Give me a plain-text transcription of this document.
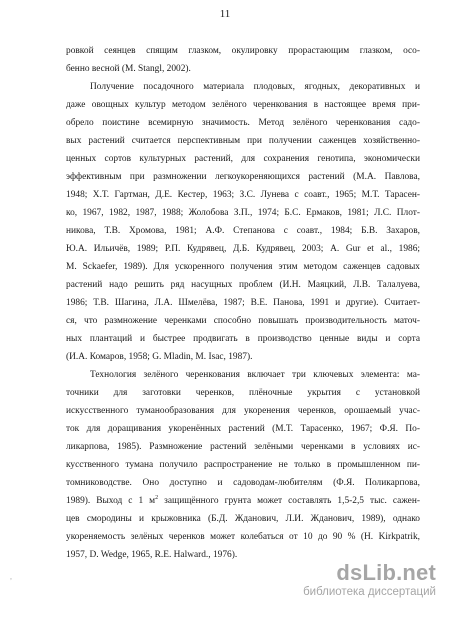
11
ровкой сеянцев спящим глазком, окулировку прорастающим глазком, осо-
бенно весной (M. Stangl, 2002).
Получение посадочного материала плодовых, ягодных, декоративных и
даже овощных культур методом зелёного черенкования в настоящее время при-
обрело поистине всемирную значимость. Метод зелёного черенкования садо-
вых растений считается перспективным при получении саженцев хозяйственно-
ценных сортов культурных растений, для сохранения генотипа, экономически
эффективным при размножении легкоукореняющихся растений (М.А. Павлова,
1948; Х.Т. Гартман, Д.Е. Кестер, 1963; З.С. Лунева с соавт., 1965; М.Т. Тарасен-
ко, 1967, 1982, 1987, 1988; Жолобова З.П., 1974; Б.С. Ермаков, 1981; Л.С. Плот-
никова, Т.В. Хромова, 1981; А.Ф. Степанова с соавт., 1984; Б.В. Захаров,
Ю.А. Ильичёв, 1989; Р.П. Кудрявец, Д.Б. Кудрявец, 2003; A. Gur et al., 1986;
M. Sckaefer, 1989). Для ускоренного получения этим методом саженцев садовых
растений надо решить ряд насущных проблем (И.Н. Маяцкий, Л.В. Талалуева,
1986; Т.В. Шагина, Л.А. Шмелёва, 1987; В.Е. Панова, 1991 и другие). Считает-
ся, что размножение черенками способно повышать производительность маточ-
ных плантаций и быстрее продвигать в производство ценные виды и сорта
(И.А. Комаров, 1958; G. Mladin, M. Isac, 1987).
Технология зелёного черенкования включает три ключевых элемента: ма-
точники для заготовки черенков, плёночные укрытия с установкой
искусственного туманообразования для укоренения черенков, орошаемый учас-
ток для доращивания укоренённых растений (М.Т. Тарасенко, 1967; Ф.Я. По-
ликарпова, 1985). Размножение растений зелёными черенками в условиях ис-
кусственного тумана получило распространение не только в промышленном пи-
томниководстве. Оно доступно и садоводам-любителям (Ф.Я. Поликарпова,
1989). Выход с 1 $м^2$ защищённого грунта может составлять 1,5-2,5 тыс. сажен-
цев смородины и крыжовника (Б.Д. Жданович, Л.И. Жданович, 1989), однако
укореняемость зелёных черенков может колебаться от 10 до 90 % (H. Kirkpatrik,
1957, D. Wedge, 1965, R.E. Halward., 1976).
,	dsLib.net
библиотека диссертаций
